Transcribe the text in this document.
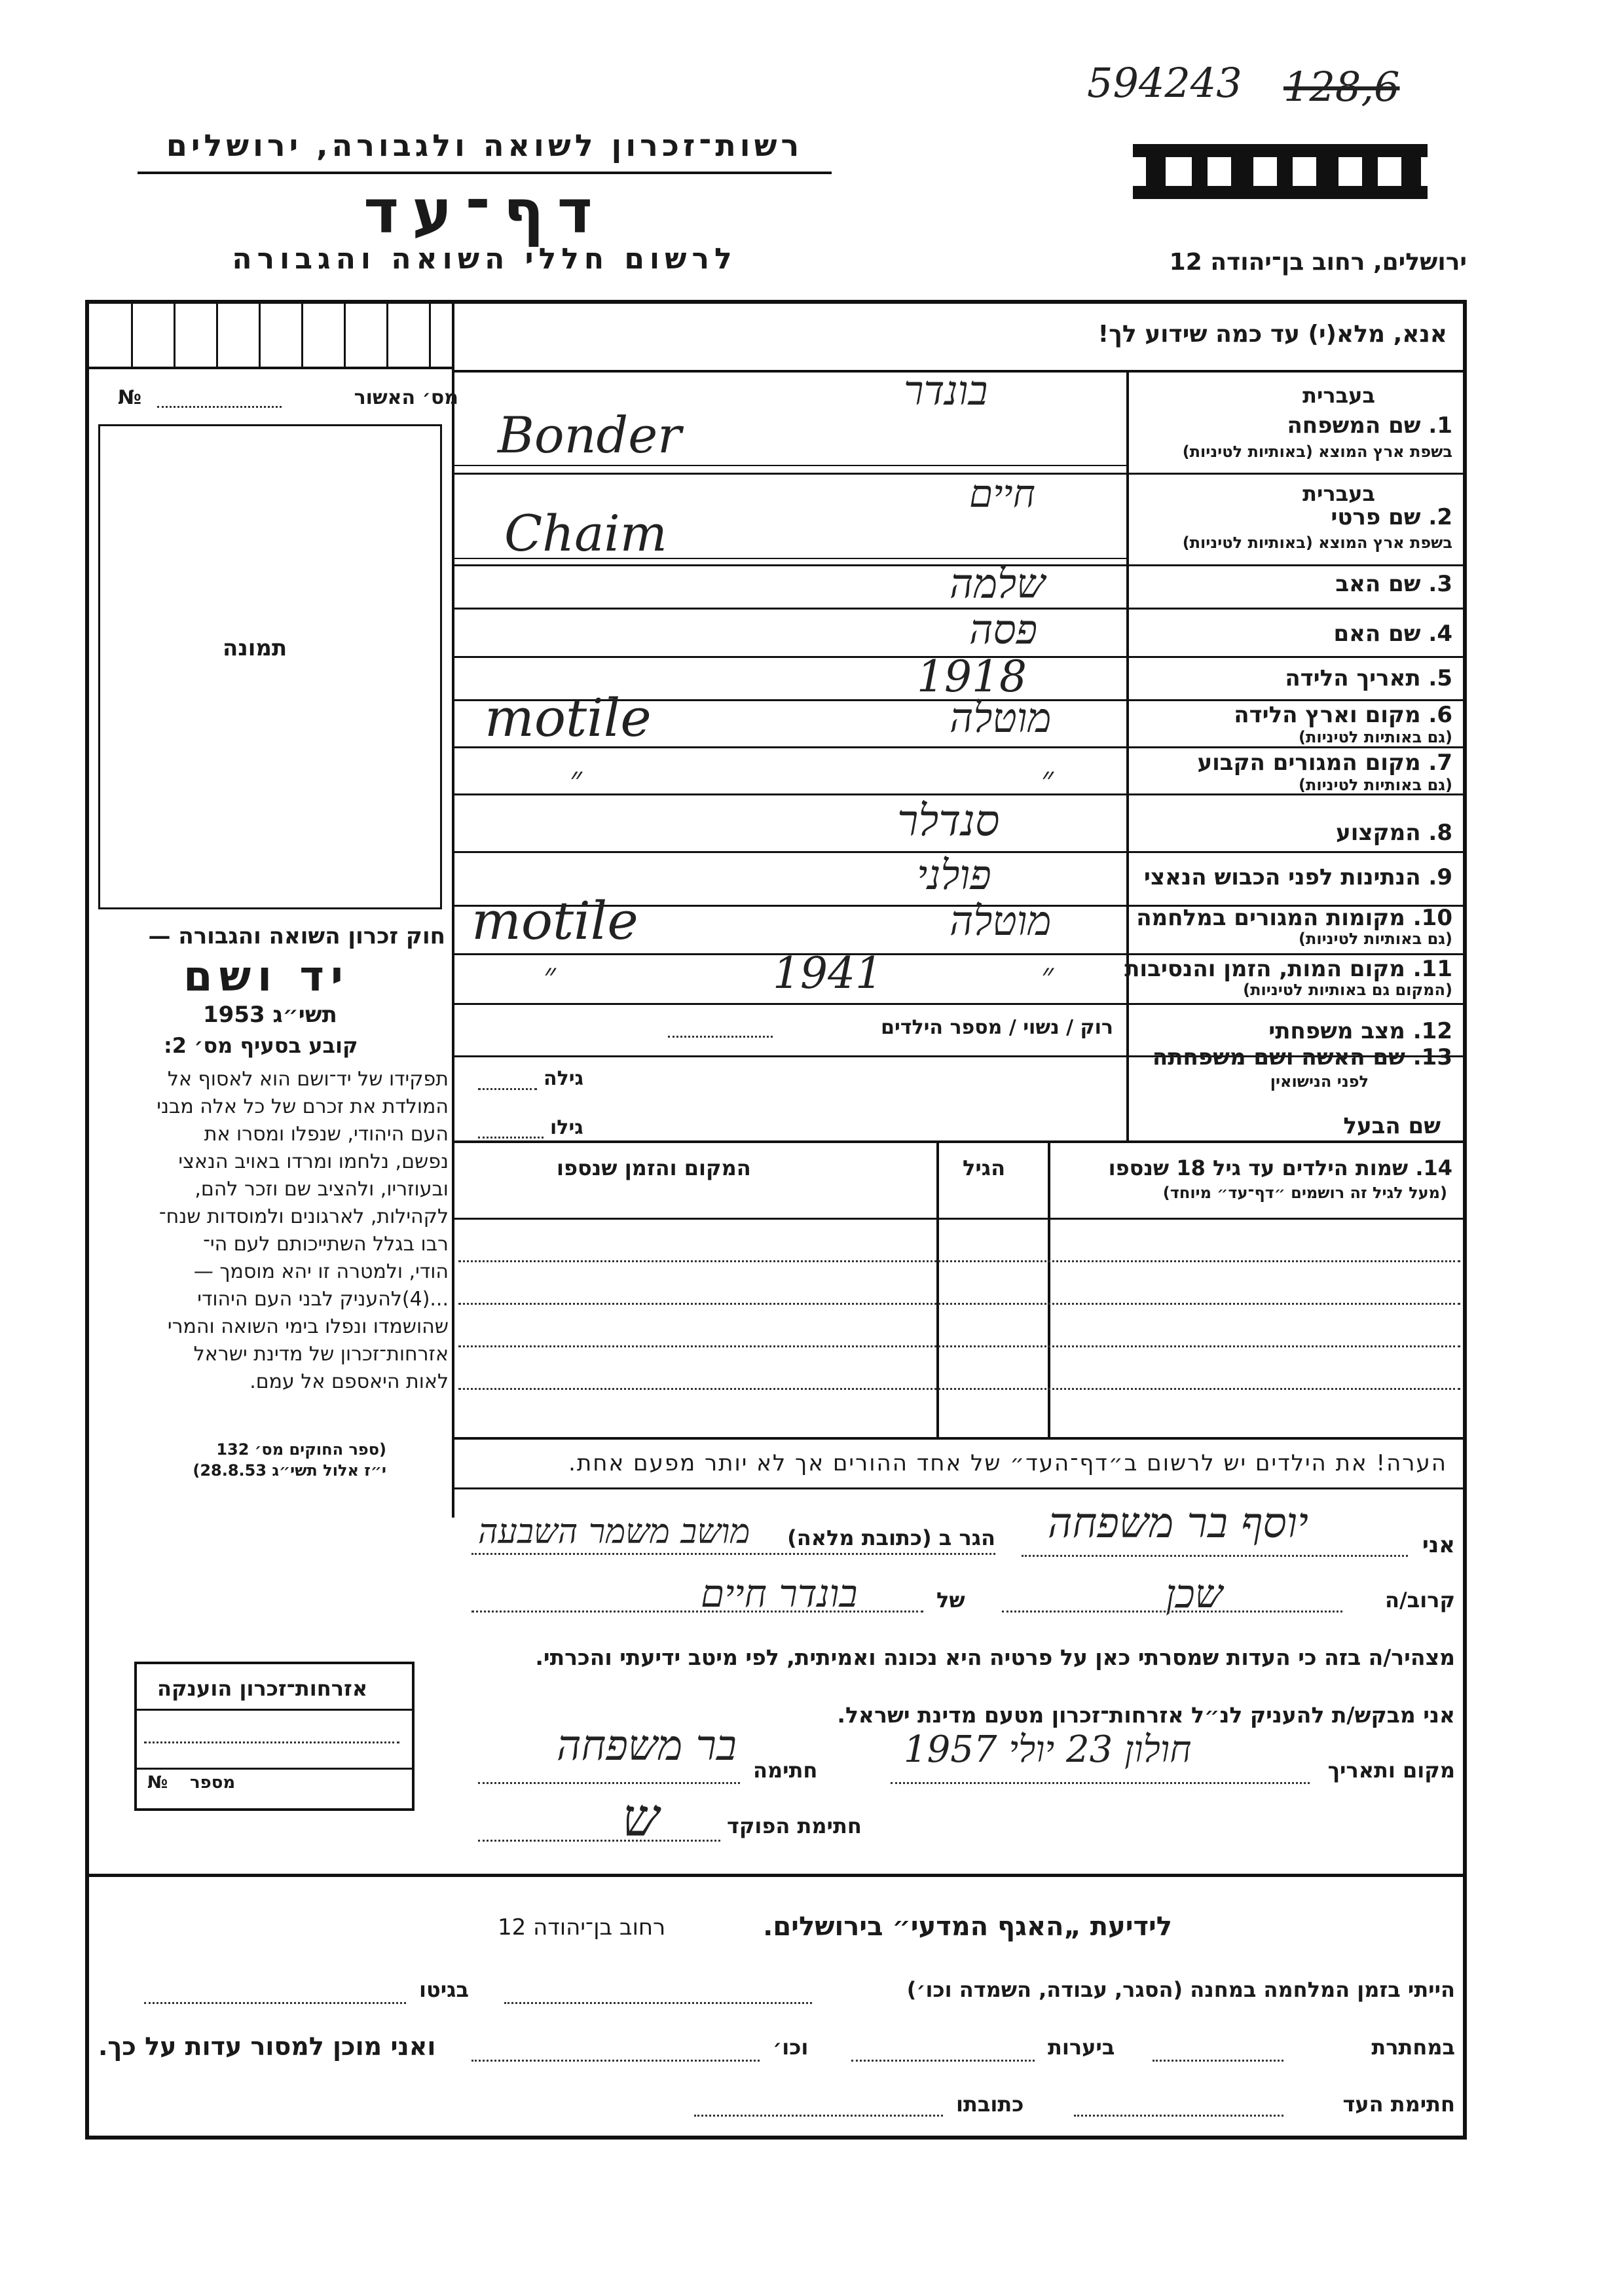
594243 128,6
רשות־זכרון לשואה ולגבורה, ירושלים
דף־עד
לרשום חללי השואה והגבורה	ירושלים, רחוב בן־יהודה 12
מס׳ האשור
№
תמונה
אנא, מלא(י) עד כמה שידוע לך!
בעברית
1. שם המשפחה
בשפת ארץ המוצא (באותיות לטיניות)
בונדר
Bonder
בעברית
2. שם פרטי
בשפת ארץ המוצא (באותיות לטיניות)
חיים
Chaim
3. שם האב
שלמה
4. שם האם
פסה
5. תאריך הלידה
1918
6. מקום וארץ הלידה
(גם באותיות לטיניות)
מוטלה
motile
7. מקום המגורים הקבוע
(גם באותיות לטיניות)
״	״
8. המקצוע
סנדלר
9. הנתינות לפני הכבוש הנאצי
פולני
10. מקומות המגורים במלחמה
(גם באותיות לטיניות)
מוטלה
motile
11. מקום המות, הזמן והנסיבות
(המקום גם באותיות לטיניות)
״	1941	״
12. מצב משפחתי
רוק / נשוי / מספר הילדים
13. שם האשה ושם משפחתה
לפני הנישואין
גילה
שם הבעל
גילו
14. שמות הילדים עד גיל 18 שנספו
(מעל לגיל זה רושמים ״דף־עד״ מיוחד)
הגיל
המקום והזמן שנספו
הערה! את הילדים יש לרשום ב״דף־העד״ של אחד ההורים אך לא יותר מפעם אחת.
חוק זכרון השואה והגבורה —
יד ושם
תשי״ג 1953
קובע בסעיף מס׳ 2:
תפקידו של יד־ושם הוא לאסוף אל
המולדת את זכרם של כל אלה מבני
העם היהודי, שנפלו ומסרו את
נפשם, נלחמו ומרדו באויב הנאצי
ובעוזריו, ולהציב שם וזכר להם,
לקהילות, לארגונים ולמוסדות שנח־
רבו בגלל השתייכותם לעם הי־
הודי, ולמטרה זו יהא מוסמך —
...(4)להעניק לבני העם היהודי
שהושמדו ונפלו בימי השואה והמרי
אזרחות־זכרון של מדינת ישראל
לאות היאספם אל עמם.
(ספר החוקים מס׳ 132
י״ז אלול תשי״ג 28.8.53)
אזרחות־זכרון הוענקה
מספר
№
אני
יוסף בר משפחה
הגר ב (כתובת מלאה)
מושב משמר השבעה
קרוב/ה
שכן
של
בונדר חיים
מצהיר/ה בזה כי העדות שמסרתי כאן על פרטיה היא נכונה ואמיתית, לפי מיטב ידיעתי והכרתי.
אני מבקש/ת להעניק לנ״ל אזרחות־זכרון מטעם מדינת ישראל.
מקום ותאריך
חולון 23 יולי 1957
חתימה
בר משפחה
חתימת הפוקד
ש
לידיעת „האגף המדעי״ בירושלים.
רחוב בן־יהודה 12
הייתי בזמן המלחמה במחנה (הסגר, עבודה, השמדה וכו׳)
בגיטו
במחתרת
ביערות
וכו׳
ואני מוכן למסור עדות על כך.
חתימת העד
כתובתו
